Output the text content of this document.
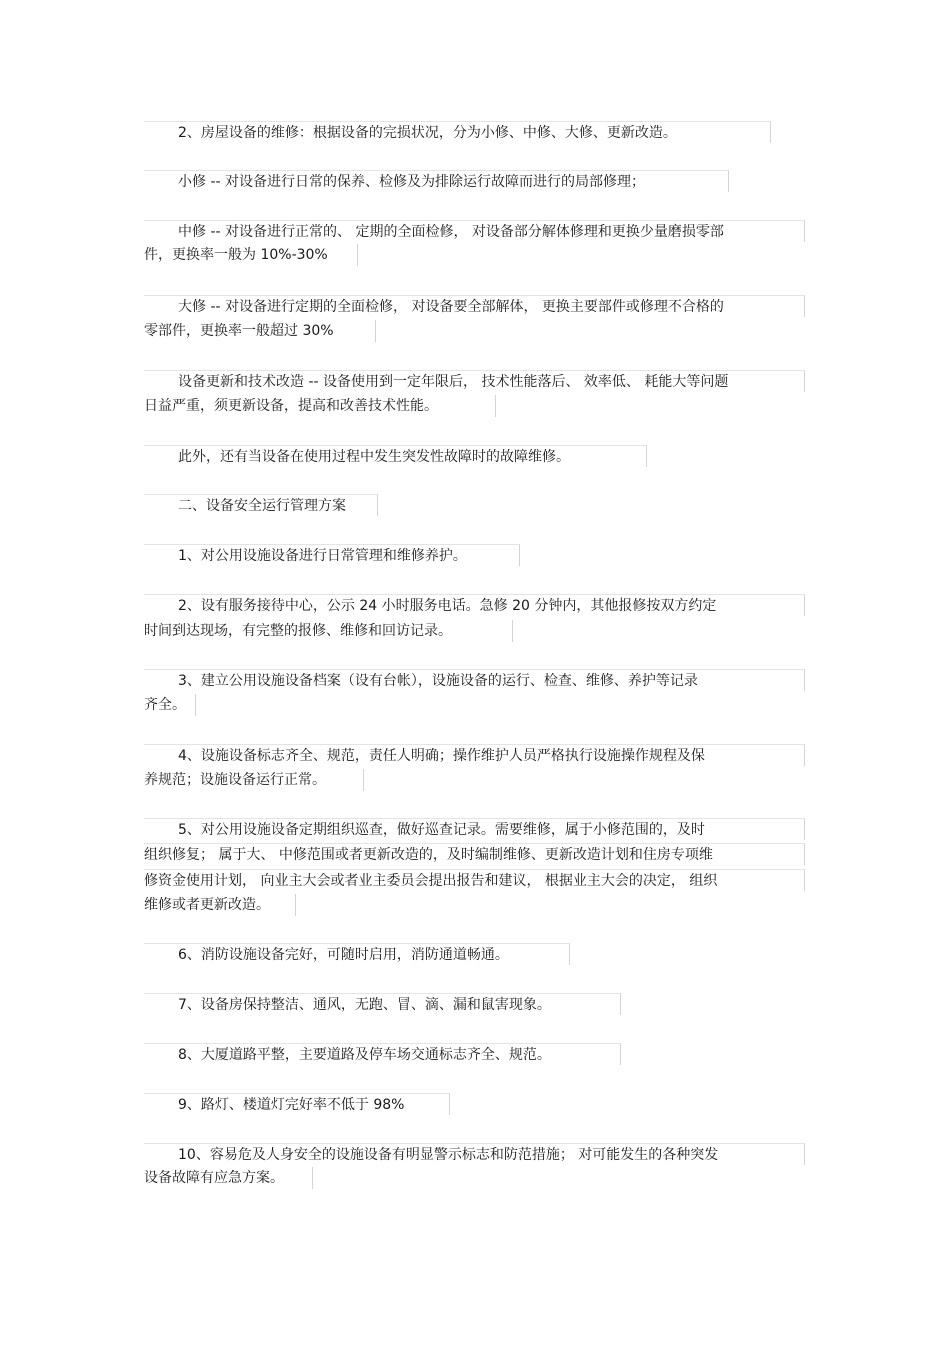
2、房屋设备的维修：根据设备的完损状况，分为小修、中修、大修、更新改造。
小修 -- 对设备进行日常的保养、检修及为排除运行故障而进行的局部修理；
中修 -- 对设备进行正常的、 定期的全面检修， 对设备部分解体修理和更换少量磨损零部
件，更换率一般为 10%-30%
大修 -- 对设备进行定期的全面检修， 对设备要全部解体， 更换主要部件或修理不合格的
零部件，更换率一般超过 30%
设备更新和技术改造 -- 设备使用到一定年限后， 技术性能落后、 效率低、 耗能大等问题
日益严重，须更新设备，提高和改善技术性能。
此外，还有当设备在使用过程中发生突发性故障时的故障维修。
二、设备安全运行管理方案
1、对公用设施设备进行日常管理和维修养护。
2、设有服务接待中心，公示 24 小时服务电话。急修 20 分钟内，其他报修按双方约定
时间到达现场，有完整的报修、维修和回访记录。
3、建立公用设施设备档案（设有台帐），设施设备的运行、检查、维修、养护等记录
齐全。
4、设施设备标志齐全、规范，责任人明确；操作维护人员严格执行设施操作规程及保
养规范；设施设备运行正常。
5、对公用设施设备定期组织巡查，做好巡查记录。需要维修，属于小修范围的，及时
组织修复； 属于大、 中修范围或者更新改造的，及时编制维修、更新改造计划和住房专项维
修资金使用计划， 向业主大会或者业主委员会提出报告和建议， 根据业主大会的决定， 组织
维修或者更新改造。
6、消防设施设备完好，可随时启用，消防通道畅通。
7、设备房保持整洁、通风，无跑、冒、滴、漏和鼠害现象。
8、大厦道路平整，主要道路及停车场交通标志齐全、规范。
9、路灯、楼道灯完好率不低于 98%
10、容易危及人身安全的设施设备有明显警示标志和防范措施； 对可能发生的各种突发
设备故障有应急方案。
